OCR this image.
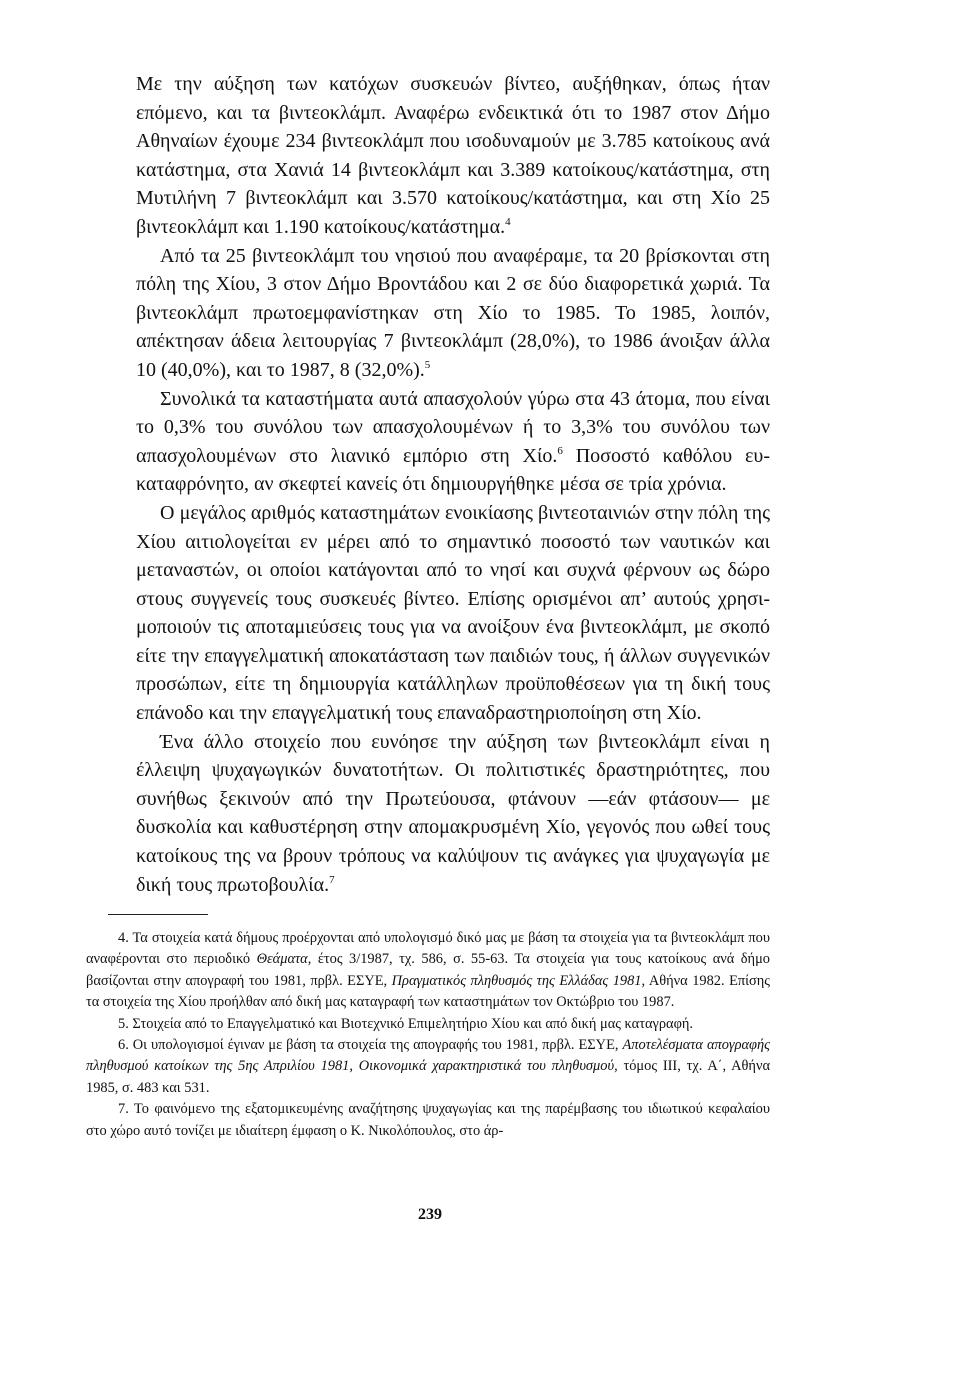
Με την αύξηση των κατόχων συσκευών βίντεο, αυξήθηκαν, όπως ήταν επόμενο, και τα βιντεοκλάμπ. Αναφέρω ενδεικτικά ότι το 1987 στον Δήμο Αθηναίων έχουμε 234 βιντεοκλάμπ που ισοδυναμούν με 3.785 κατοίκους ανά κατάστημα, στα Χανιά 14 βιντεοκλάμπ και 3.389 κατοίκους/κατάστημα, στη Μυτιλήνη 7 βιντεοκλάμπ και 3.570 κατοίκους/κατάστημα, και στη Χίο 25 βιντεοκλάμπ και 1.190 κατοίκους/κατάστημα.$^4$

Από τα 25 βιντεοκλάμπ του νησιού που αναφέραμε, τα 20 βρίσκονται στη πόλη της Χίου, 3 στον Δήμο Βροντάδου και 2 σε δύο διαφορετικά χωριά. Τα βιντεοκλάμπ πρωτοεμφανίστηκαν στη Χίο το 1985. Το 1985, λοιπόν, απέκτησαν άδεια λειτουργίας 7 βιντεοκλάμπ (28,0%), το 1986 άνοιξαν άλλα 10 (40,0%), και το 1987, 8 (32,0%).$^5$

Συνολικά τα καταστήματα αυτά απασχολούν γύρω στα 43 άτομα, που είναι το 0,3% του συνόλου των απασχολουμένων ή το 3,3% του συνόλου των απασχολουμένων στο λιανικό εμπόριο στη Χίο.$^6$ Ποσοστό καθόλου ευκαταφρόνητο, αν σκεφτεί κανείς ότι δημιουργήθηκε μέσα σε τρία χρόνια.

Ο μεγάλος αριθμός καταστημάτων ενοικίασης βιντεοταινιών στην πόλη της Χίου αιτιολογείται εν μέρει από το σημαντικό ποσοστό των ναυτικών και μεταναστών, οι οποίοι κατάγονται από το νησί και συχνά φέρνουν ως δώρο στους συγγενείς τους συσκευές βίντεο. Επίσης ορισμένοι απ’ αυτούς χρησιμοποιούν τις αποταμιεύσεις τους για να ανοίξουν ένα βιντεοκλάμπ, με σκοπό είτε την επαγγελματική αποκατάσταση των παιδιών τους, ή άλλων συγγενικών προσώπων, είτε τη δημιουργία κατάλληλων προϋποθέσεων για τη δική τους επάνοδο και την επαγγελματική τους επαναδραστηριοποίηση στη Χίο.

Ένα άλλο στοιχείο που ευνόησε την αύξηση των βιντεοκλάμπ είναι η έλλειψη ψυχαγωγικών δυνατοτήτων. Οι πολιτιστικές δραστηριότητες, που συνήθως ξεκινούν από την Πρωτεύουσα, φτάνουν —εάν φτάσουν— με δυσκολία και καθυστέρηση στην απομακρυσμένη Χίο, γεγονός που ωθεί τους κατοίκους της να βρουν τρόπους να καλύψουν τις ανάγκες για ψυχαγωγία με δική τους πρωτοβουλία.$^7$

4. Τα στοιχεία κατά δήμους προέρχονται από υπολογισμό δικό μας με βάση τα στοιχεία για τα βιντεοκλάμπ που αναφέρονται στο περιοδικό Θεάματα, έτος 3/1987, τχ. 586, σ. 55-63. Τα στοιχεία για τους κατοίκους ανά δήμο βασίζονται στην απογραφή του 1981, πρβλ. ΕΣΥΕ, Πραγματικός πληθυσμός της Ελλάδας 1981, Αθήνα 1982. Επίσης τα στοιχεία της Χίου προήλθαν από δική μας καταγραφή των καταστημάτων τον Οκτώβριο του 1987.

5. Στοιχεία από το Επαγγελματικό και Βιοτεχνικό Επιμελητήριο Χίου και από δική μας καταγραφή.

6. Οι υπολογισμοί έγιναν με βάση τα στοιχεία της απογραφής του 1981, πρβλ. ΕΣΥΕ, Αποτελέσματα απογραφής πληθυσμού κατοίκων της 5ης Απριλίου 1981, Οικονομικά χαρακτηριστικά του πληθυσμού, τόμος III, τχ. Α΄, Αθήνα 1985, σ. 483 και 531.

7. Το φαινόμενο της εξατομικευμένης αναζήτησης ψυχαγωγίας και της παρέμβασης του ιδιωτικού κεφαλαίου στο χώρο αυτό τονίζει με ιδιαίτερη έμφαση ο Κ. Νικολόπουλος, στο άρ-

239
